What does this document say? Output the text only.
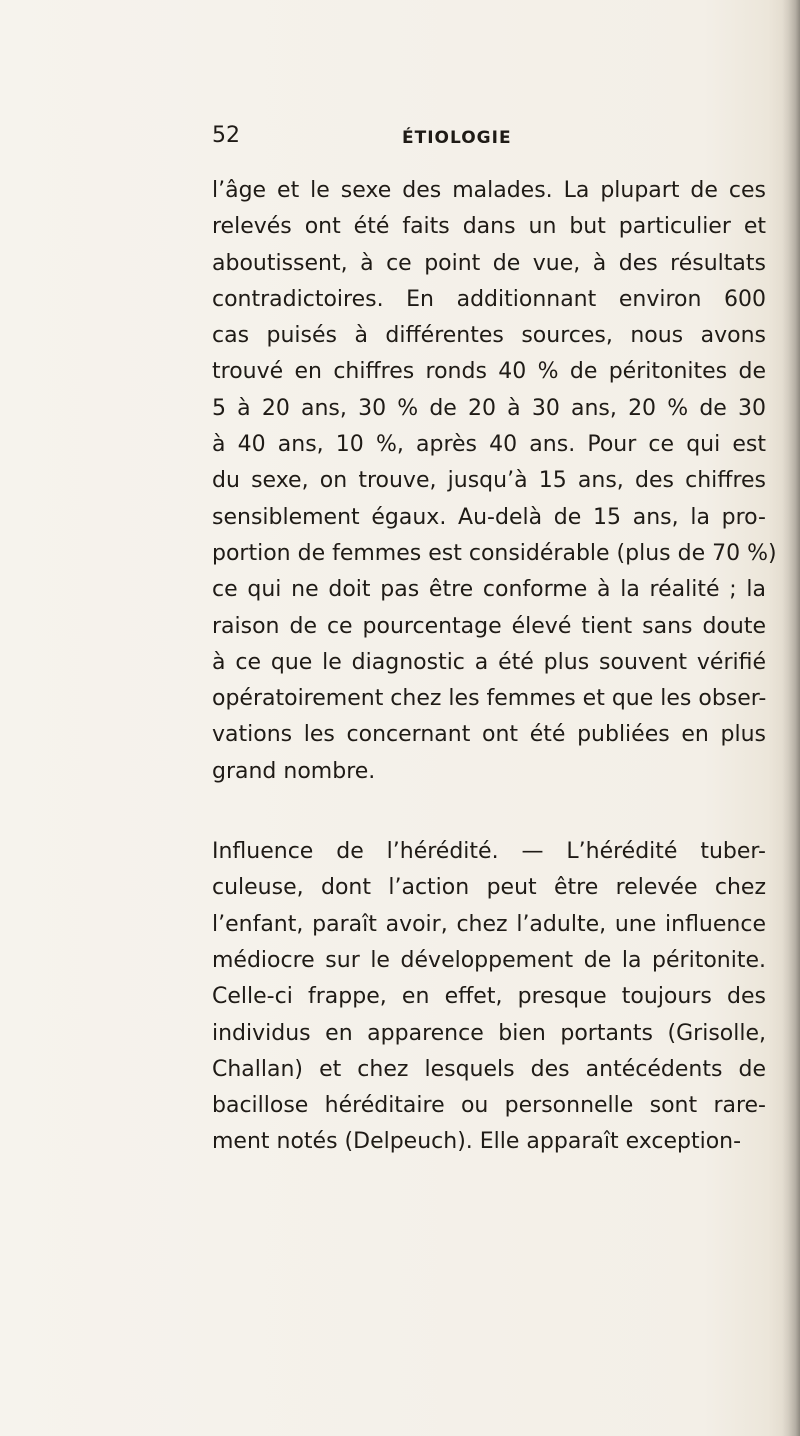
52	ÉTIOLOGIE
l’âge et le sexe des malades. La plupart de ces
relevés ont été faits dans un but particulier et
aboutissent, à ce point de vue, à des résultats
contradictoires. En additionnant environ 600
cas puisés à différentes sources, nous avons
trouvé en chiffres ronds 40 % de péritonites de
5 à 20 ans, 30 % de 20 à 30 ans, 20 % de 30
à 40 ans, 10 %, après 40 ans. Pour ce qui est
du sexe, on trouve, jusqu’à 15 ans, des chiffres
sensiblement égaux. Au-delà de 15 ans, la pro-
portion de femmes est considérable (plus de 70 %)
ce qui ne doit pas être conforme à la réalité ; la
raison de ce pourcentage élevé tient sans doute
à ce que le diagnostic a été plus souvent vérifié
opératoirement chez les femmes et que les obser-
vations les concernant ont été publiées en plus
grand nombre.
Influence de l’hérédité. — L’hérédité tuber-
culeuse, dont l’action peut être relevée chez
l’enfant, paraît avoir, chez l’adulte, une influence
médiocre sur le développement de la péritonite.
Celle-ci frappe, en effet, presque toujours des
individus en apparence bien portants (Grisolle,
Challan) et chez lesquels des antécédents de
bacillose héréditaire ou personnelle sont rare-
ment notés (Delpeuch). Elle apparaît exception-
